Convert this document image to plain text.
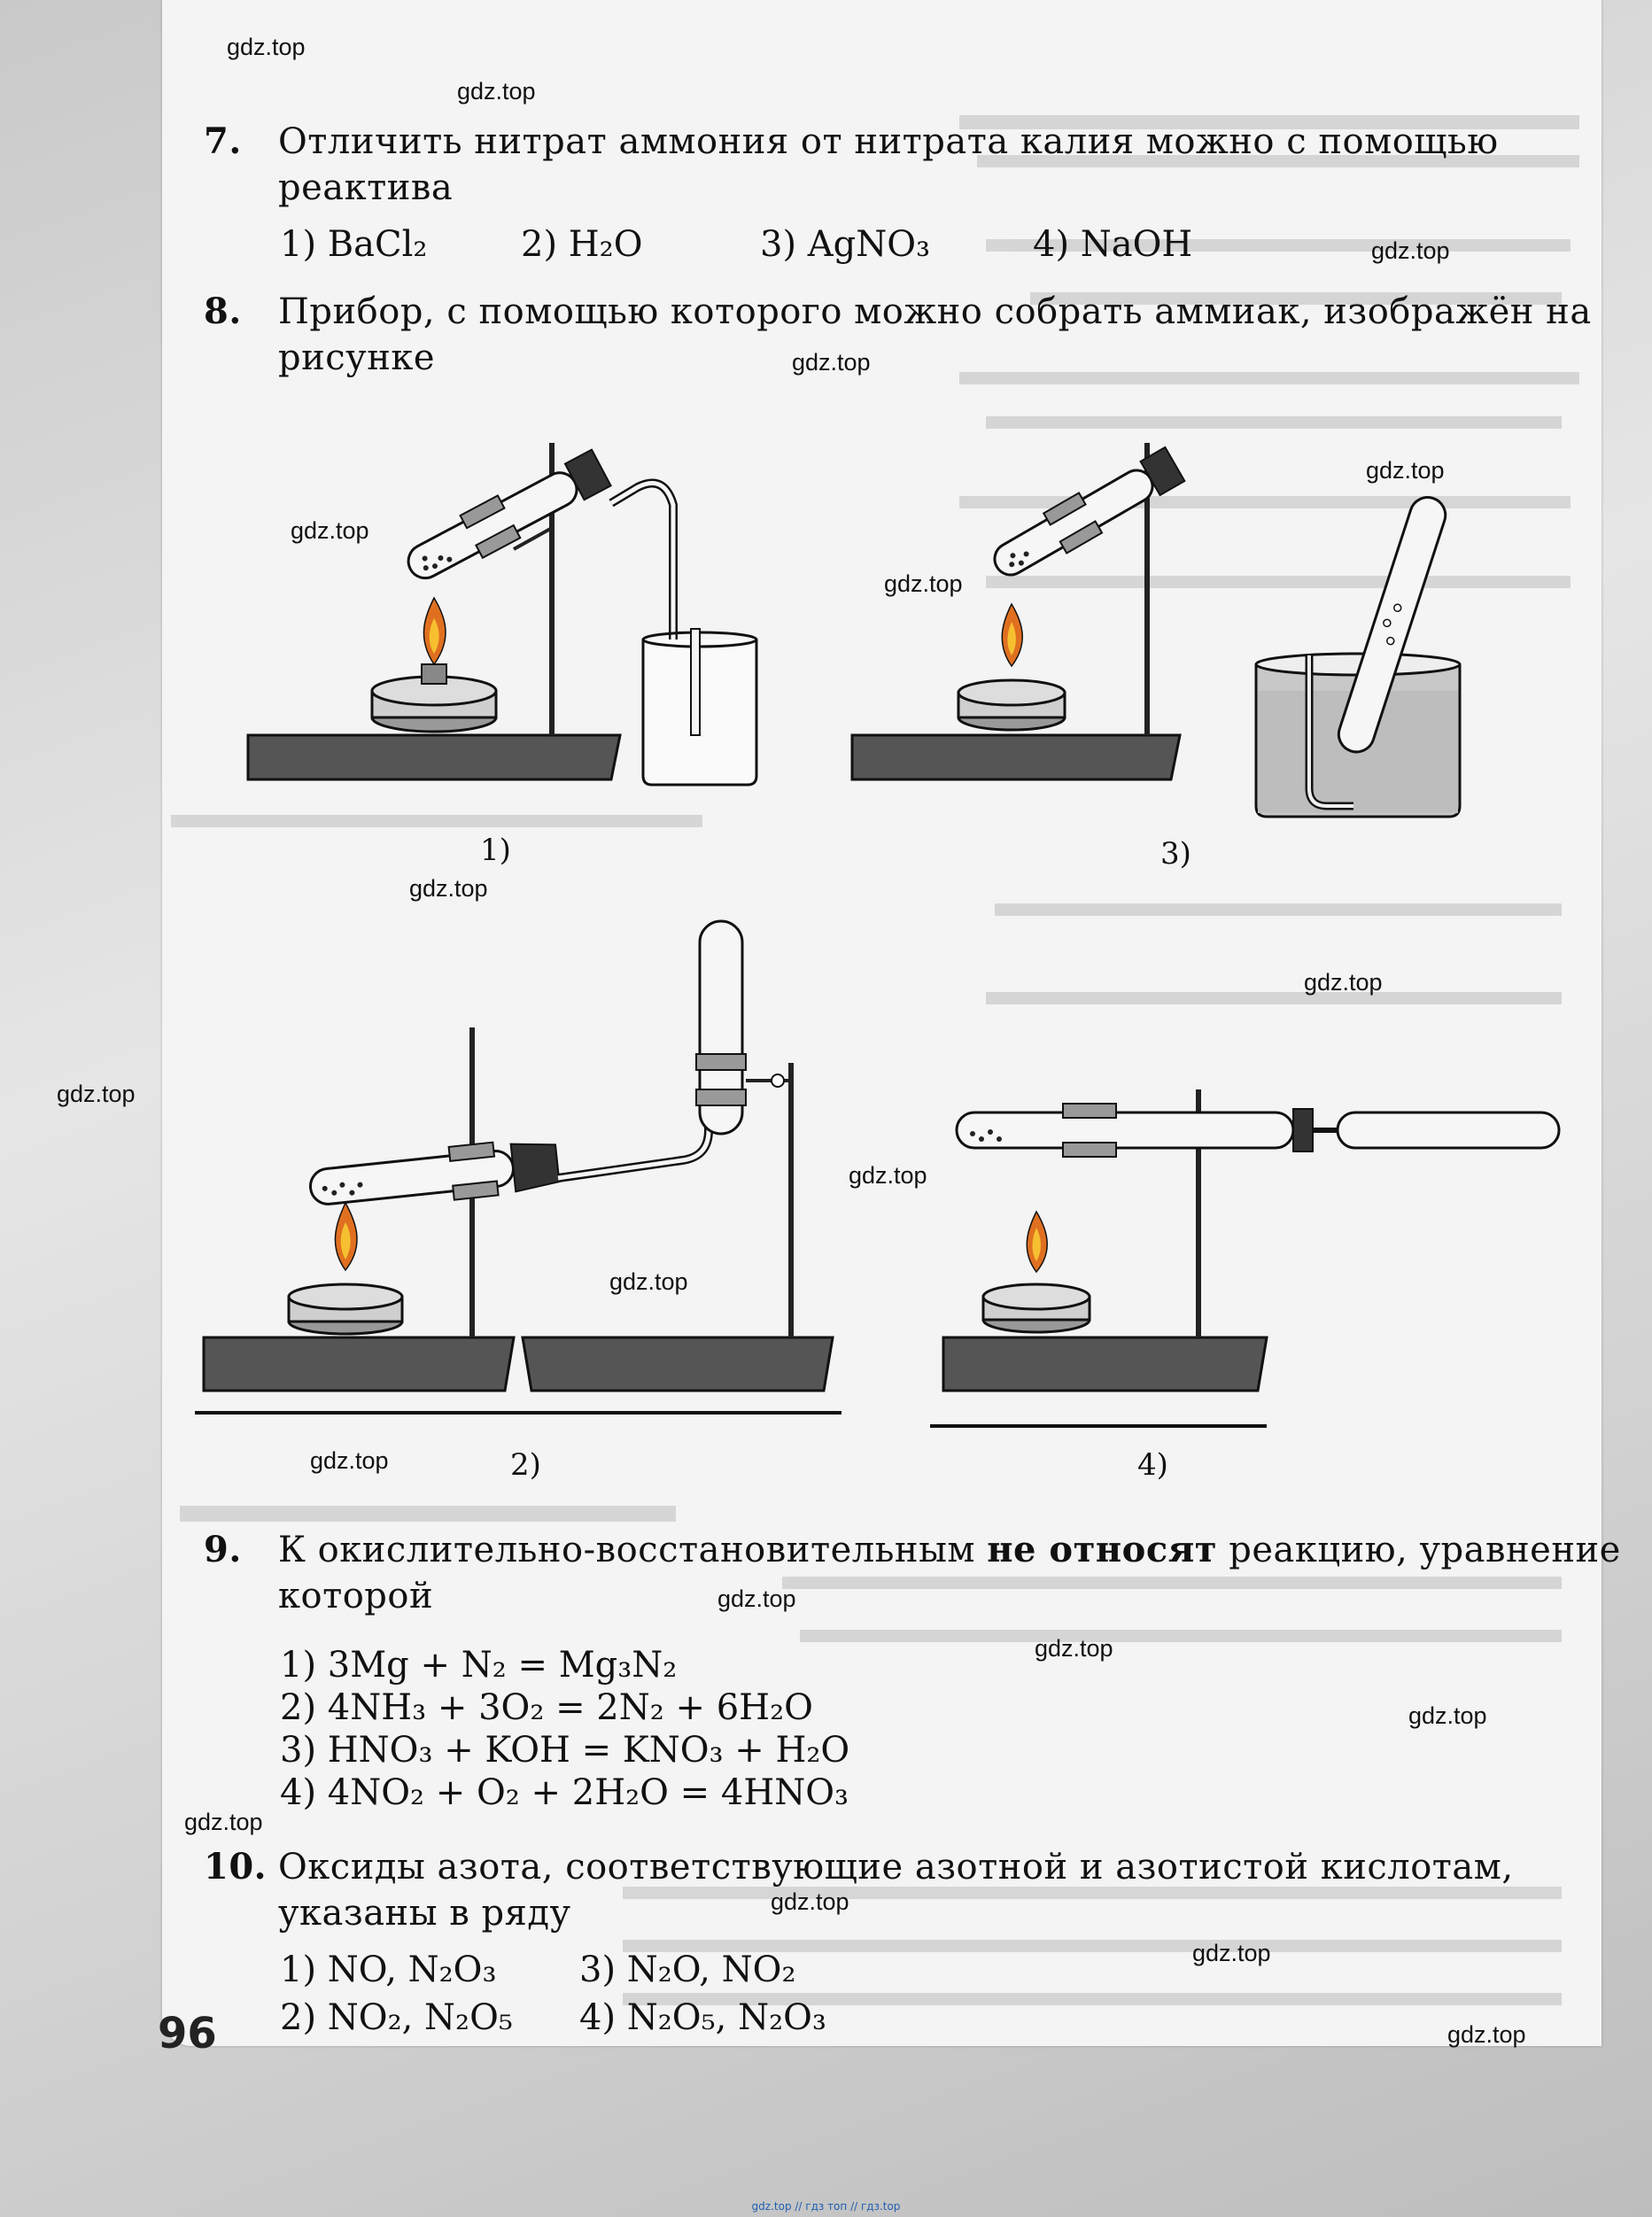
gdz.top
gdz.top
gdz.top
gdz.top
gdz.top
gdz.top
gdz.top
gdz.top
gdz.top
gdz.top
gdz.top
gdz.top
gdz.top
gdz.top
gdz.top
gdz.top
gdz.top
gdz.top
gdz.top
gdz.top
7.	Отличить нитрат аммония от нитрата калия можно с помощью реактива
1) BaCl₂	2) H₂O	3) AgNO₃	4) NaOH
8.	Прибор, с помощью которого можно собрать аммиак, изображён на рисунке
1)	3)
2)	4)
9.	К окислительно-восстановительным не относят реакцию, уравнение которой
1) 3Mg + N₂ = Mg₃N₂
2) 4NH₃ + 3O₂ = 2N₂ + 6H₂O
3) HNO₃ + KOH = KNO₃ + H₂O
4) 4NO₂ + O₂ + 2H₂O = 4HNO₃
10. Оксиды азота, соответствующие азотной и азотистой кислотам, указаны в ряду
1) NO, N₂O₃ 3) N₂O, NO₂
2) NO₂, N₂O₅ 4) N₂O₅, N₂O₃
96
gdz.top // гдз топ // гдз.top
